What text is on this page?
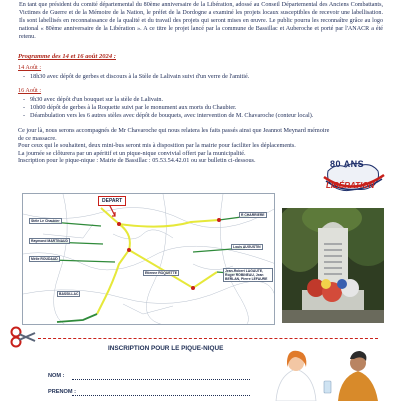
En tant que président du comité départemental du 80ème anniversaire de la Libération, adossé au Conseil Départemental des Anciens Combattants, Victimes de Guerre et de la Mémoire de la Nation, le préfet de la Dordogne a examiné les projets locaux susceptibles de recevoir une labellisation. Ils sont labellisés en reconnaissance de la qualité et du travail des projets qui seront mises en œuvre. Le public pourra les reconnaître grâce au logo national « 80ème anniversaire de la Libération ». A ce titre le projet lancé par la commune de Bassillac et Auberoche et porté par l'ANACR a été retenu.
Programme des 14 et 16 août 2024 :
14 Août :
- 18h30 avec dépôt de gerbes et discours à la Stèle de Lalivain suivi d'un verre de l'amitié.
16 Août :
- 9h30 avec dépôt d'un bouquet sur la stèle de Lalivain.
- 10h00 dépôt de gerbes à la Roquette suivi par le monument aux morts du Chaubier.
- Déambulation vers les 6 autres stèles avec dépôt de bouquets, avec intervention de M. Chavaroche (conteur local).
Ce jour là, nous serons accompagnés de Mr Chavaroche qui nous relatera les faits passés ainsi que Jeannot Meynard mémoire de ce massacre.
Pour ceux qui le souhaitent, deux mini-bus seront mis à disposition par la mairie pour faciliter les déplacements.
La journée se clôturera par un apéritif et un pique-nique convivial offert par la municipalité.
Inscription pour le pique-nique : Mairie de Bassillac : 05.53.54.42.01 ou sur bulletin ci-dessous.	80 ANS
LIBÉRATION
DEPART
Stèle Le Chaubier
Raymond MARTINAUD
Mélie ROUDAUD
BASSILLAC
R CHARRIERE
Louis AUGUSTIN
Etienne ROQUETTE	Jean-Robert LAGAUTE, Roger ROBINEAU, Jean BERLAN, Pierre LEFAURE
INSCRIPTION POUR LE PIQUE-NIQUE
NOM :
PRENOM :
